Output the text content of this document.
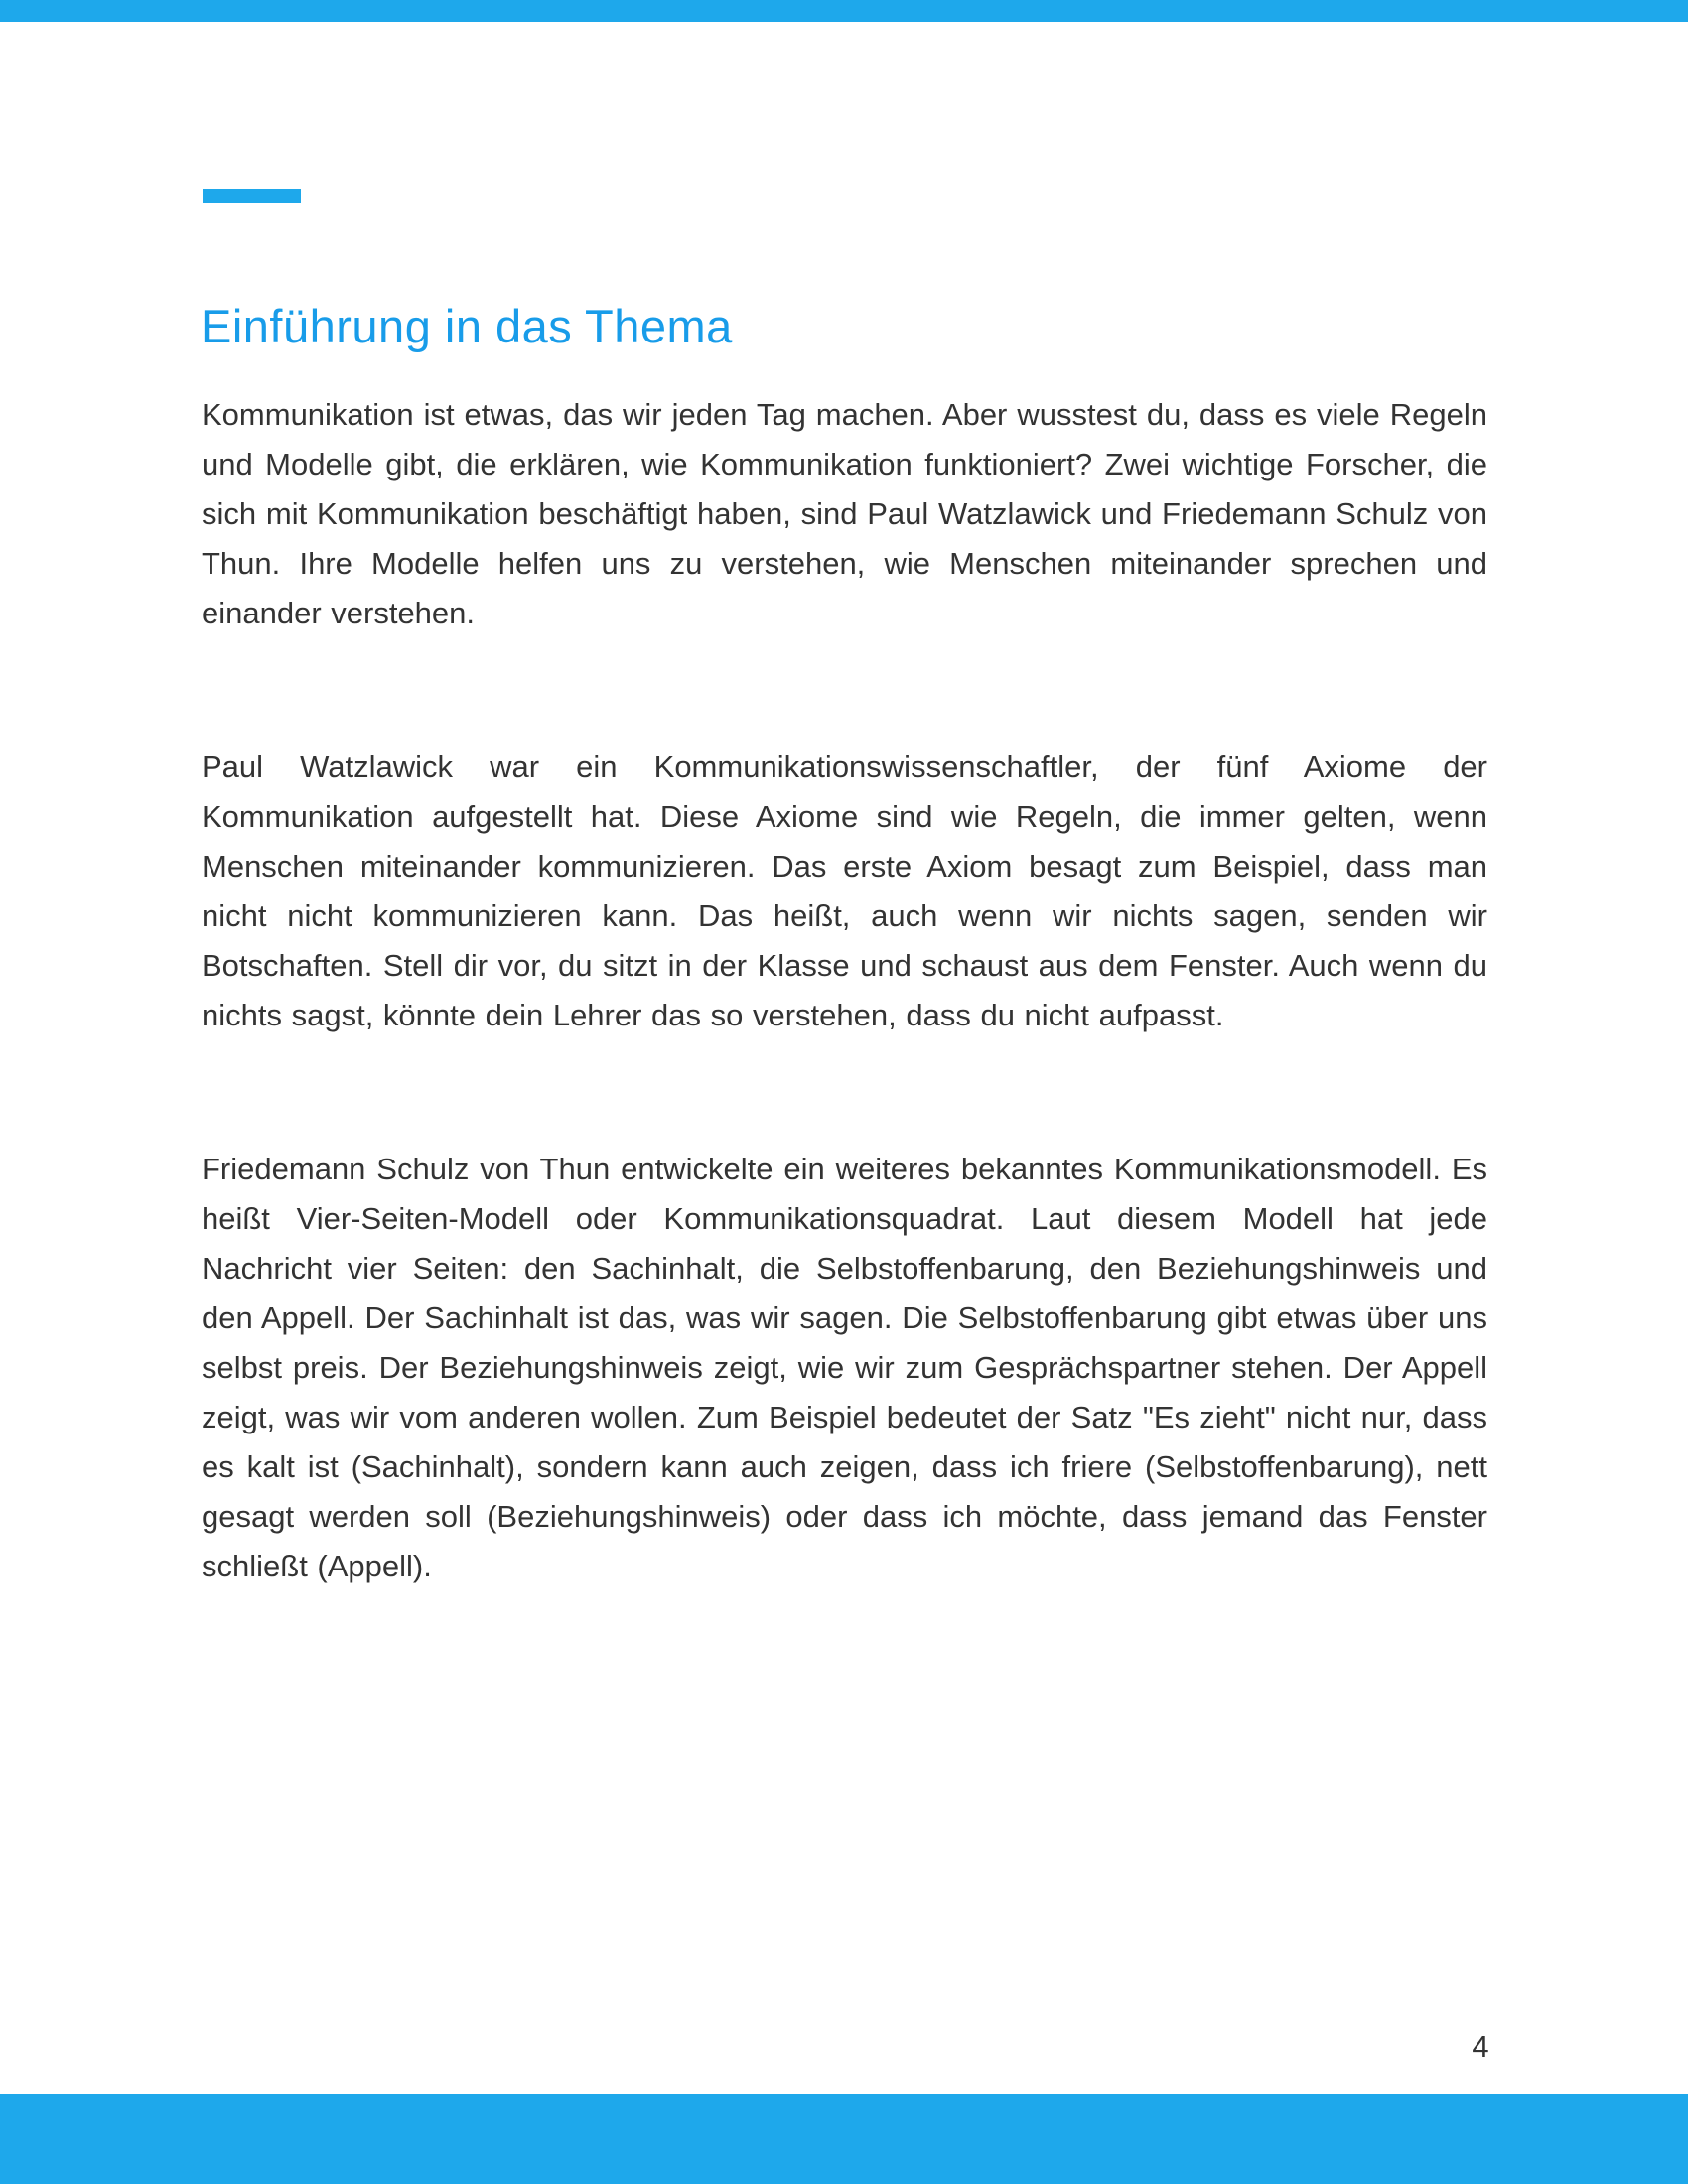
Einführung in das Thema

Kommunikation ist etwas, das wir jeden Tag machen. Aber wusstest du, dass es viele Regeln und Modelle gibt, die erklären, wie Kommunikation funktioniert? Zwei wichtige Forscher, die sich mit Kommunikation beschäftigt haben, sind Paul Watzlawick und Friedemann Schulz von Thun. Ihre Modelle helfen uns zu verstehen, wie Menschen miteinander sprechen und einander verstehen.

Paul Watzlawick war ein Kommunikationswissenschaftler, der fünf Axiome der Kommunikation aufgestellt hat. Diese Axiome sind wie Regeln, die immer gelten, wenn Menschen miteinander kommunizieren. Das erste Axiom besagt zum Beispiel, dass man nicht nicht kommunizieren kann. Das heißt, auch wenn wir nichts sagen, senden wir Botschaften. Stell dir vor, du sitzt in der Klasse und schaust aus dem Fenster. Auch wenn du nichts sagst, könnte dein Lehrer das so verstehen, dass du nicht aufpasst.

Friedemann Schulz von Thun entwickelte ein weiteres bekanntes Kommunikationsmodell. Es heißt Vier-Seiten-Modell oder Kommunikationsquadrat. Laut diesem Modell hat jede Nachricht vier Seiten: den Sachinhalt, die Selbstoffenbarung, den Beziehungshinweis und den Appell. Der Sachinhalt ist das, was wir sagen. Die Selbstoffenbarung gibt etwas über uns selbst preis. Der Beziehungshinweis zeigt, wie wir zum Gesprächspartner stehen. Der Appell zeigt, was wir vom anderen wollen. Zum Beispiel bedeutet der Satz "Es zieht" nicht nur, dass es kalt ist (Sachinhalt), sondern kann auch zeigen, dass ich friere (Selbstoffenbarung), nett gesagt werden soll (Beziehungshinweis) oder dass ich möchte, dass jemand das Fenster schließt (Appell).

4
